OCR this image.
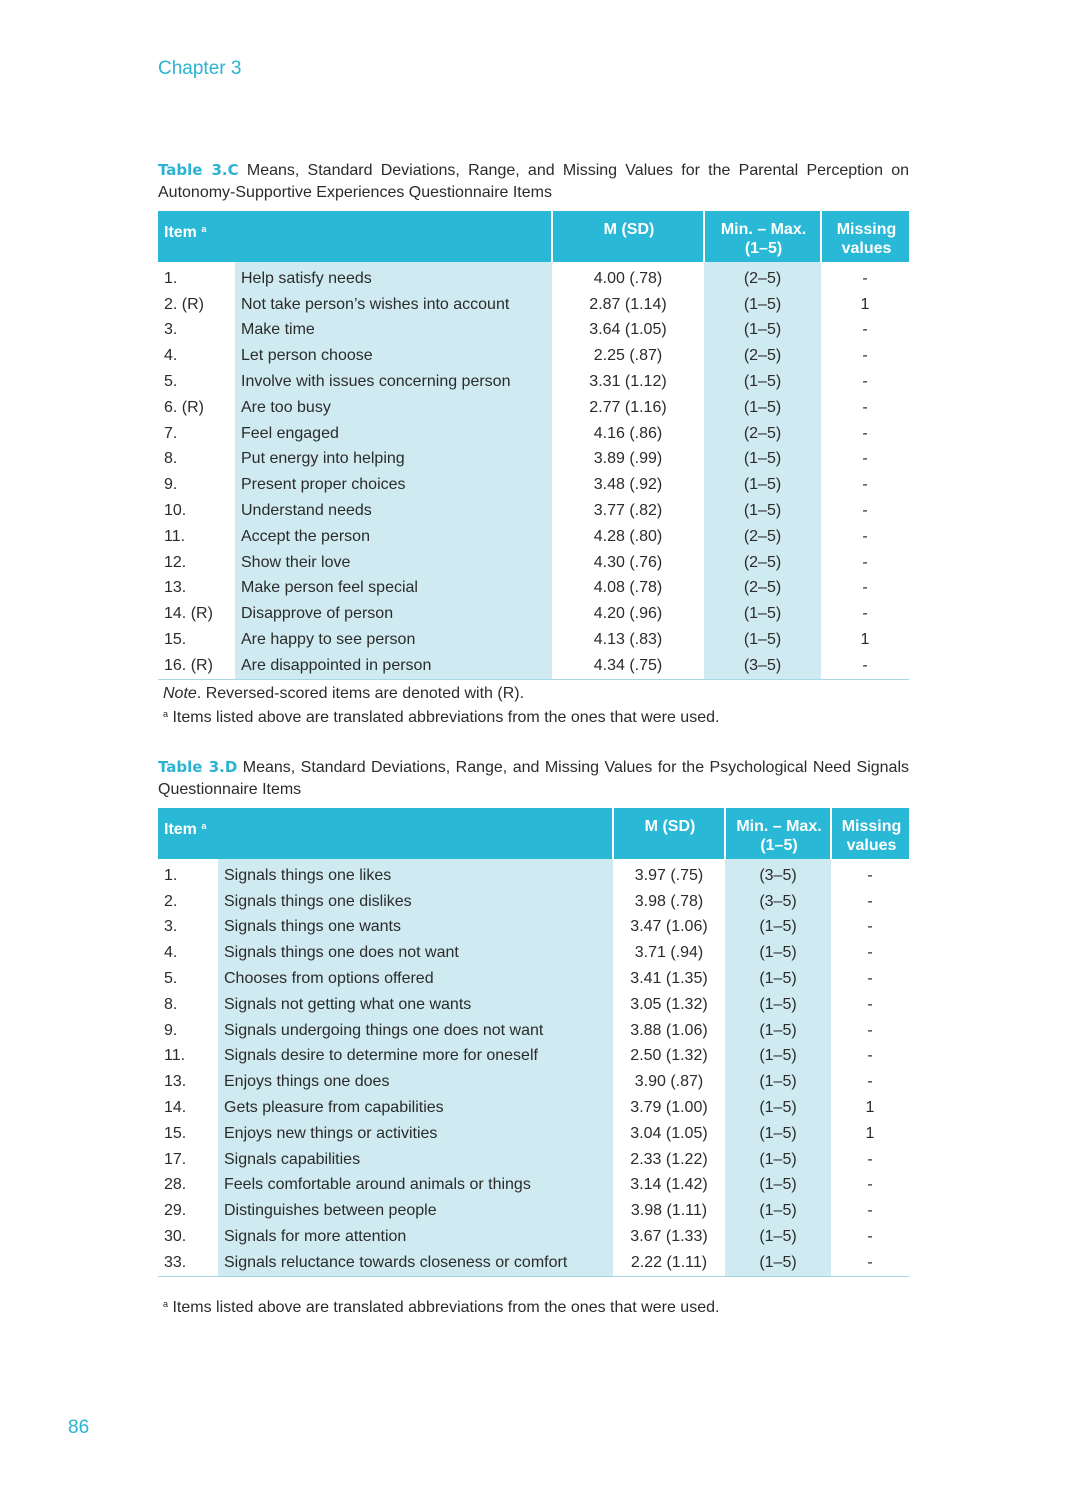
Chapter 3
Table 3.C Means, Standard Deviations, Range, and Missing Values for the Parental Perception on Autonomy-Supportive Experiences Questionnaire Items
Item $^a$		M (SD)	Min. – Max. (1–5)	Missing values
1.	Help satisfy needs	4.00 (.78)	(2–5)	-
2. (R)	Not take person’s wishes into account	2.87 (1.14)	(1–5)	1
3.	Make time	3.64 (1.05)	(1–5)	-
4.	Let person choose	2.25 (.87)	(2–5)	-
5.	Involve with issues concerning person	3.31 (1.12)	(1–5)	-
6. (R)	Are too busy	2.77 (1.16)	(1–5)	-
7.	Feel engaged	4.16 (.86)	(2–5)	-
8.	Put energy into helping	3.89 (.99)	(1–5)	-
9.	Present proper choices	3.48 (.92)	(1–5)	-
10.	Understand needs	3.77 (.82)	(1–5)	-
11.	Accept the person	4.28 (.80)	(2–5)	-
12.	Show their love	4.30 (.76)	(2–5)	-
13.	Make person feel special	4.08 (.78)	(2–5)	-
14. (R)	Disapprove of person	4.20 (.96)	(1–5)	-
15.	Are happy to see person	4.13 (.83)	(1–5)	1
16. (R)	Are disappointed in person	4.34 (.75)	(3–5)	-
Note. Reversed-scored items are denoted with (R).
$^a$ Items listed above are translated abbreviations from the ones that were used.
Table 3.D Means, Standard Deviations, Range, and Missing Values for the Psychological Need Signals Questionnaire Items
Item $^a$		M (SD)	Min. – Max. (1–5)	Missing values
1.	Signals things one likes	3.97 (.75)	(3–5)	-
2.	Signals things one dislikes	3.98 (.78)	(3–5)	-
3.	Signals things one wants	3.47 (1.06)	(1–5)	-
4.	Signals things one does not want	3.71 (.94)	(1–5)	-
5.	Chooses from options offered	3.41 (1.35)	(1–5)	-
8.	Signals not getting what one wants	3.05 (1.32)	(1–5)	-
9.	Signals undergoing things one does not want	3.88 (1.06)	(1–5)	-
11.	Signals desire to determine more for oneself	2.50 (1.32)	(1–5)	-
13.	Enjoys things one does	3.90 (.87)	(1–5)	-
14.	Gets pleasure from capabilities	3.79 (1.00)	(1–5)	1
15.	Enjoys new things or activities	3.04 (1.05)	(1–5)	1
17.	Signals capabilities	2.33 (1.22)	(1–5)	-
28.	Feels comfortable around animals or things	3.14 (1.42)	(1–5)	-
29.	Distinguishes between people	3.98 (1.11)	(1–5)	-
30.	Signals for more attention	3.67 (1.33)	(1–5)	-
33.	Signals reluctance towards closeness or comfort	2.22 (1.11)	(1–5)	-
$^a$ Items listed above are translated abbreviations from the ones that were used.
86
